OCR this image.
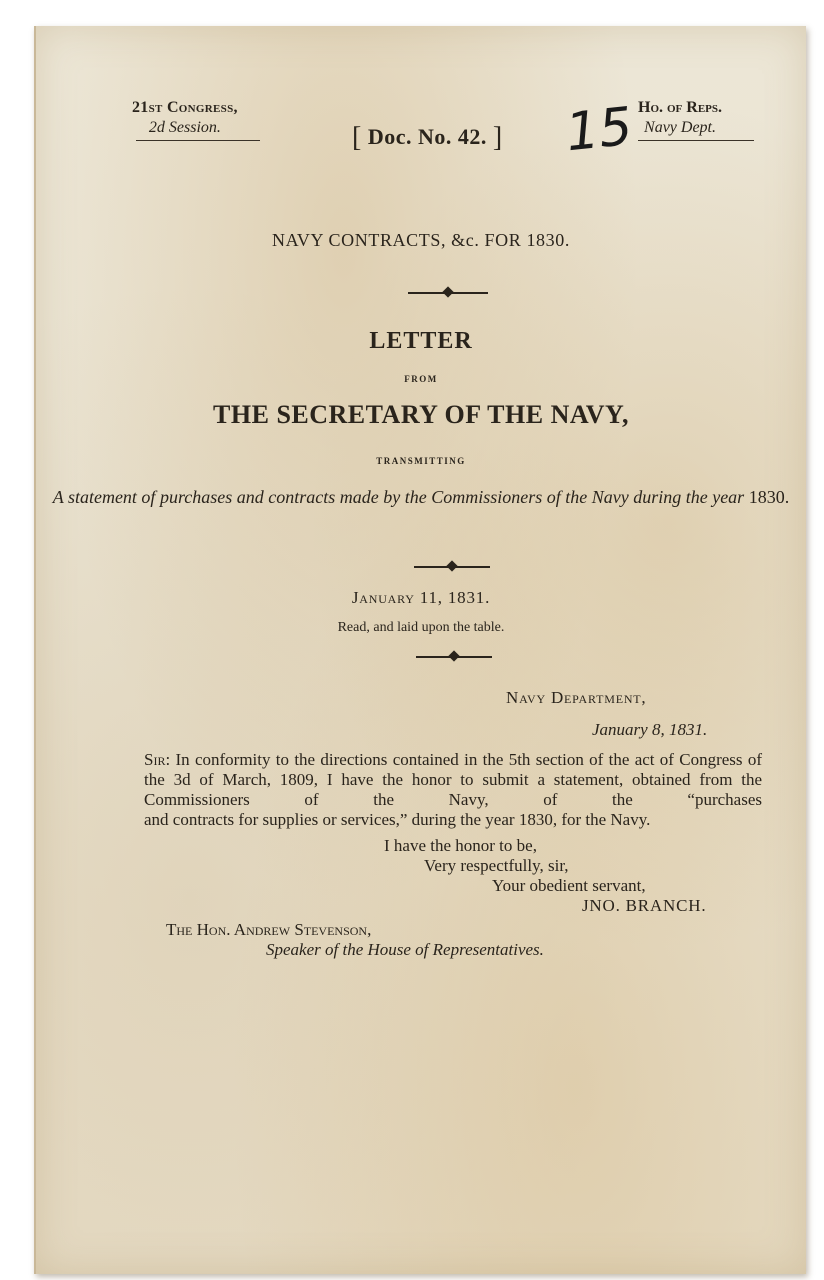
21st Congress,
2d Session.	[ Doc. No. 42. ] 15 Ho. of Reps.
Navy Dept.
NAVY CONTRACTS, &c. FOR 1830.
LETTER
FROM
THE SECRETARY OF THE NAVY,
TRANSMITTING
A statement of purchases and contracts made by the Commissioners of the Navy during the year 1830.
January 11, 1831.
Read, and laid upon the table.
Navy Department,
January 8, 1831.
Sir: In conformity to the directions contained in the 5th section of the act of Congress of the 3d of March, 1809, I have the honor to submit a statement, obtained from the Commissioners of the Navy, of the “purchases
and contracts for supplies or services,” during the year 1830, for the Navy.
I have the honor to be,
Very respectfully, sir,
Your obedient servant,
JNO. BRANCH.
The Hon. Andrew Stevenson,
Speaker of the House of Representatives.
